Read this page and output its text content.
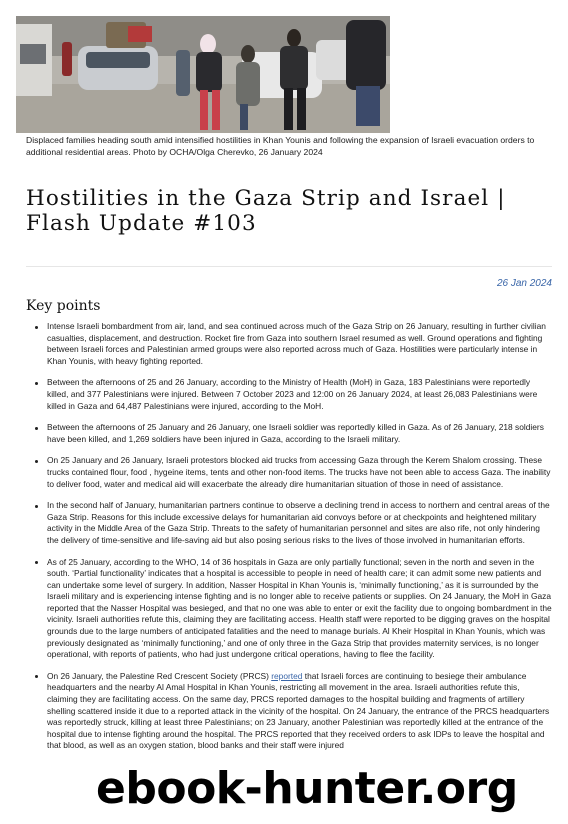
Displaced families heading south amid intensified hostilities in Khan Younis and following the expansion of Israeli evacuation orders to additional residential areas. Photo by OCHA/Olga Cherevko, 26 January 2024
Hostilities in the Gaza Strip and Israel | Flash Update #103
26 Jan 2024
Key points
Intense Israeli bombardment from air, land, and sea continued across much of the Gaza Strip on 26 January, resulting in further civilian casualties, displacement, and destruction. Rocket fire from Gaza into southern Israel resumed as well. Ground operations and fighting between Israeli forces and Palestinian armed groups were also reported across much of Gaza. Hostilities were particularly intense in Khan Younis, with heavy fighting reported.
Between the afternoons of 25 and 26 January, according to the Ministry of Health (MoH) in Gaza, 183 Palestinians were reportedly killed, and 377 Palestinians were injured. Between 7 October 2023 and 12:00 on 26 January 2024, at least 26,083 Palestinians were killed in Gaza and 64,487 Palestinians were injured, according to the MoH.
Between the afternoons of 25 January and 26 January, one Israeli soldier was reportedly killed in Gaza. As of 26 January, 218 soldiers have been killed, and 1,269 soldiers have been injured in Gaza, according to the Israeli military.
On 25 January and 26 January, Israeli protestors blocked aid trucks from accessing Gaza through the Kerem Shalom crossing. These trucks contained flour, food , hygeine items, tents and other non-food items. The trucks have not been able to access Gaza. The inability to deliver food, water and medical aid will exacerbate the already dire humanitarian situation of those in need of assistance.
In the second half of January, humanitarian partners continue to observe a declining trend in access to northern and central areas of the Gaza Strip. Reasons for this include excessive delays for humanitarian aid convoys before or at checkpoints and heightened military activity in the Middle Area of the Gaza Strip. Threats to the safety of humanitarian personnel and sites are also rife, not only hindering the delivery of time-sensitive and life-saving aid but also posing serious risks to the lives of those involved in humanitarian efforts.
As of 25 January, according to the WHO, 14 of 36 hospitals in Gaza are only partially functional; seven in the north and seven in the south. ‘Partial functionality’ indicates that a hospital is accessible to people in need of health care; it can admit some new patients and can undertake some level of surgery. In addition, Nasser Hospital in Khan Younis is, ‘minimally functioning,’ as it is surrounded by the Israeli military and is experiencing intense fighting and is no longer able to receive patients or supplies. On 24 January, the MoH in Gaza reported that the Nasser Hospital was besieged, and that no one was able to enter or exit the facility due to ongoing bombardment in the vicinity. Israeli authorities refute this, claiming they are facilitating access. Health staff were reported to be digging graves on the hospital grounds due to the large numbers of anticipated fatalities and the need to manage burials. Al Kheir Hospital in Khan Younis, which was previously designated as ‘minimally functioning,’ and one of only three in the Gaza Strip that provides maternity services, is no longer operational, with reports of patients, who had just undergone critical operations, having to flee the facility.
On 26 January, the Palestine Red Crescent Society (PRCS) reported that Israeli forces are continuing to besiege their ambulance headquarters and the nearby Al Amal Hospital in Khan Younis, restricting all movement in the area. Israeli authorities refute this, claiming they are facilitating access. On the same day, PRCS reported damages to the hospital building and fragments of artillery shelling scattered inside it due to a reported attack in the vicinity of the hospital. On 24 January, the entrance of the PRCS headquarters was reportedly struck, killing at least three Palestinians; on 23 January, another Palestinian was reportedly killed at the entrance of the hospital due to intense fighting around the hospital. The PRCS reported that they received orders to ask IDPs to leave the hospital and that blood, as well as an oxygen station, blood banks and their staff were injured
ebook-hunter.org
